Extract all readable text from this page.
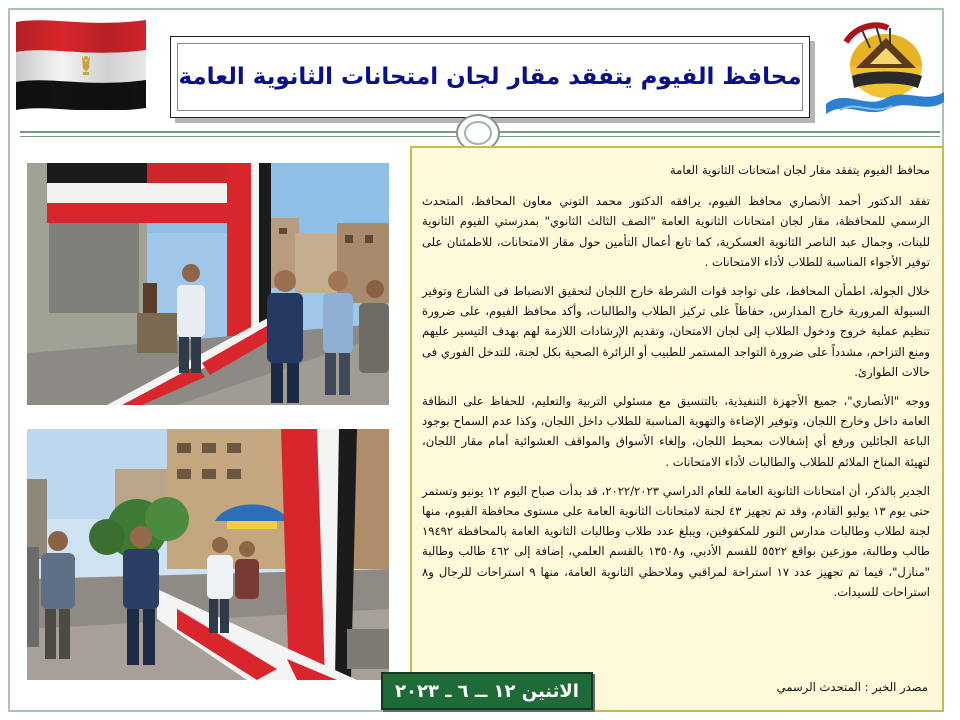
محافظ الفيوم يتفقد مقار لجان امتحانات الثانوية العامة

محافظ الفيوم يتفقد مقار لجان امتحانات الثانوية العامة

تفقد الدكتور أحمد الأنصاري محافظ الفيوم، يرافقه الدكتور محمد التوني معاون المحافظ، المتحدث الرسمي للمحافظة، مقار لجان امتحانات الثانوية العامة "الصف الثالث الثانوي" بمدرستي الفيوم الثانوية للبنات، وجمال عبد الناصر الثانوية العسكرية، كما تابع أعمال التأمين حول مقار الامتحانات، للاطمئنان على توفير الأجواء المناسبة للطلاب لأداء الامتحانات .

خلال الجولة، اطمأن المحافظ، على تواجد قوات الشرطة خارج اللجان لتحقيق الانضباط فى الشارع وتوفير السيولة المرورية خارج المدارس، حفاظاً على تركيز الطلاب والطالبات، وأكد محافظ الفيوم، على ضرورة تنظيم عملية خروج ودخول الطلاب إلى لجان الامتحان، وتقديم الإرشادات اللازمة لهم بهدف التيسير عليهم ومنع التزاحم، مشدداً على ضرورة التواجد المستمر للطبيب أو الزائرة الصحية بكل لجنة، للتدخل الفوري فى حالات الطوارئ.

ووجه "الأنصاري"، جميع الأجهزة التنفيذية، بالتنسيق مع مسئولي التربية والتعليم، للحفاظ على النظافة العامة داخل وخارج اللجان، وتوفير الإضاءة والتهوية المناسبة للطلاب داخل اللجان، وكذا عدم السماح بوجود الباعة الجائلين ورفع أي إشغالات بمحيط اللجان، وإلغاء الأسواق والمواقف العشوائية أمام مقار اللجان، لتهيئة المناخ الملائم للطلاب والطالبات لأداء الامتحانات .

الجدير بالذكر، أن امتحانات الثانوية العامة للعام الدراسي ٢٠٢٢/٢٠٢٣، قد بدأت صباح اليوم ١٢ يونيو وتستمر حتى يوم ١٣ يوليو القادم، وقد تم تجهيز ٤٣ لجنة لامتحانات الثانوية العامة على مستوى محافظة الفيوم، منها لجنة لطلاب وطالبات مدارس النور للمكفوفين، ويبلغ عدد طلاب وطالبات الثانوية العامة بالمحافظة ١٩٤٩٢ طالب وطالبة، موزعين بواقع ٥٥٢٢ للقسم الأدبي، و١٣٥٠٨ بالقسم العلمي، إضافة إلى ٤٦٢ طالب وطالبة "منازل"، فيما تم تجهيز عدد ١٧ استراحة لمراقبي وملاحظي الثانوية العامة، منها ٩ استراحات للرجال و٨ استراحات للسيدات.

مصدر الخبر : المتحدث الرسمي
الاثنين ١٢ ــ ٦ ـ ٢٠٢٣
